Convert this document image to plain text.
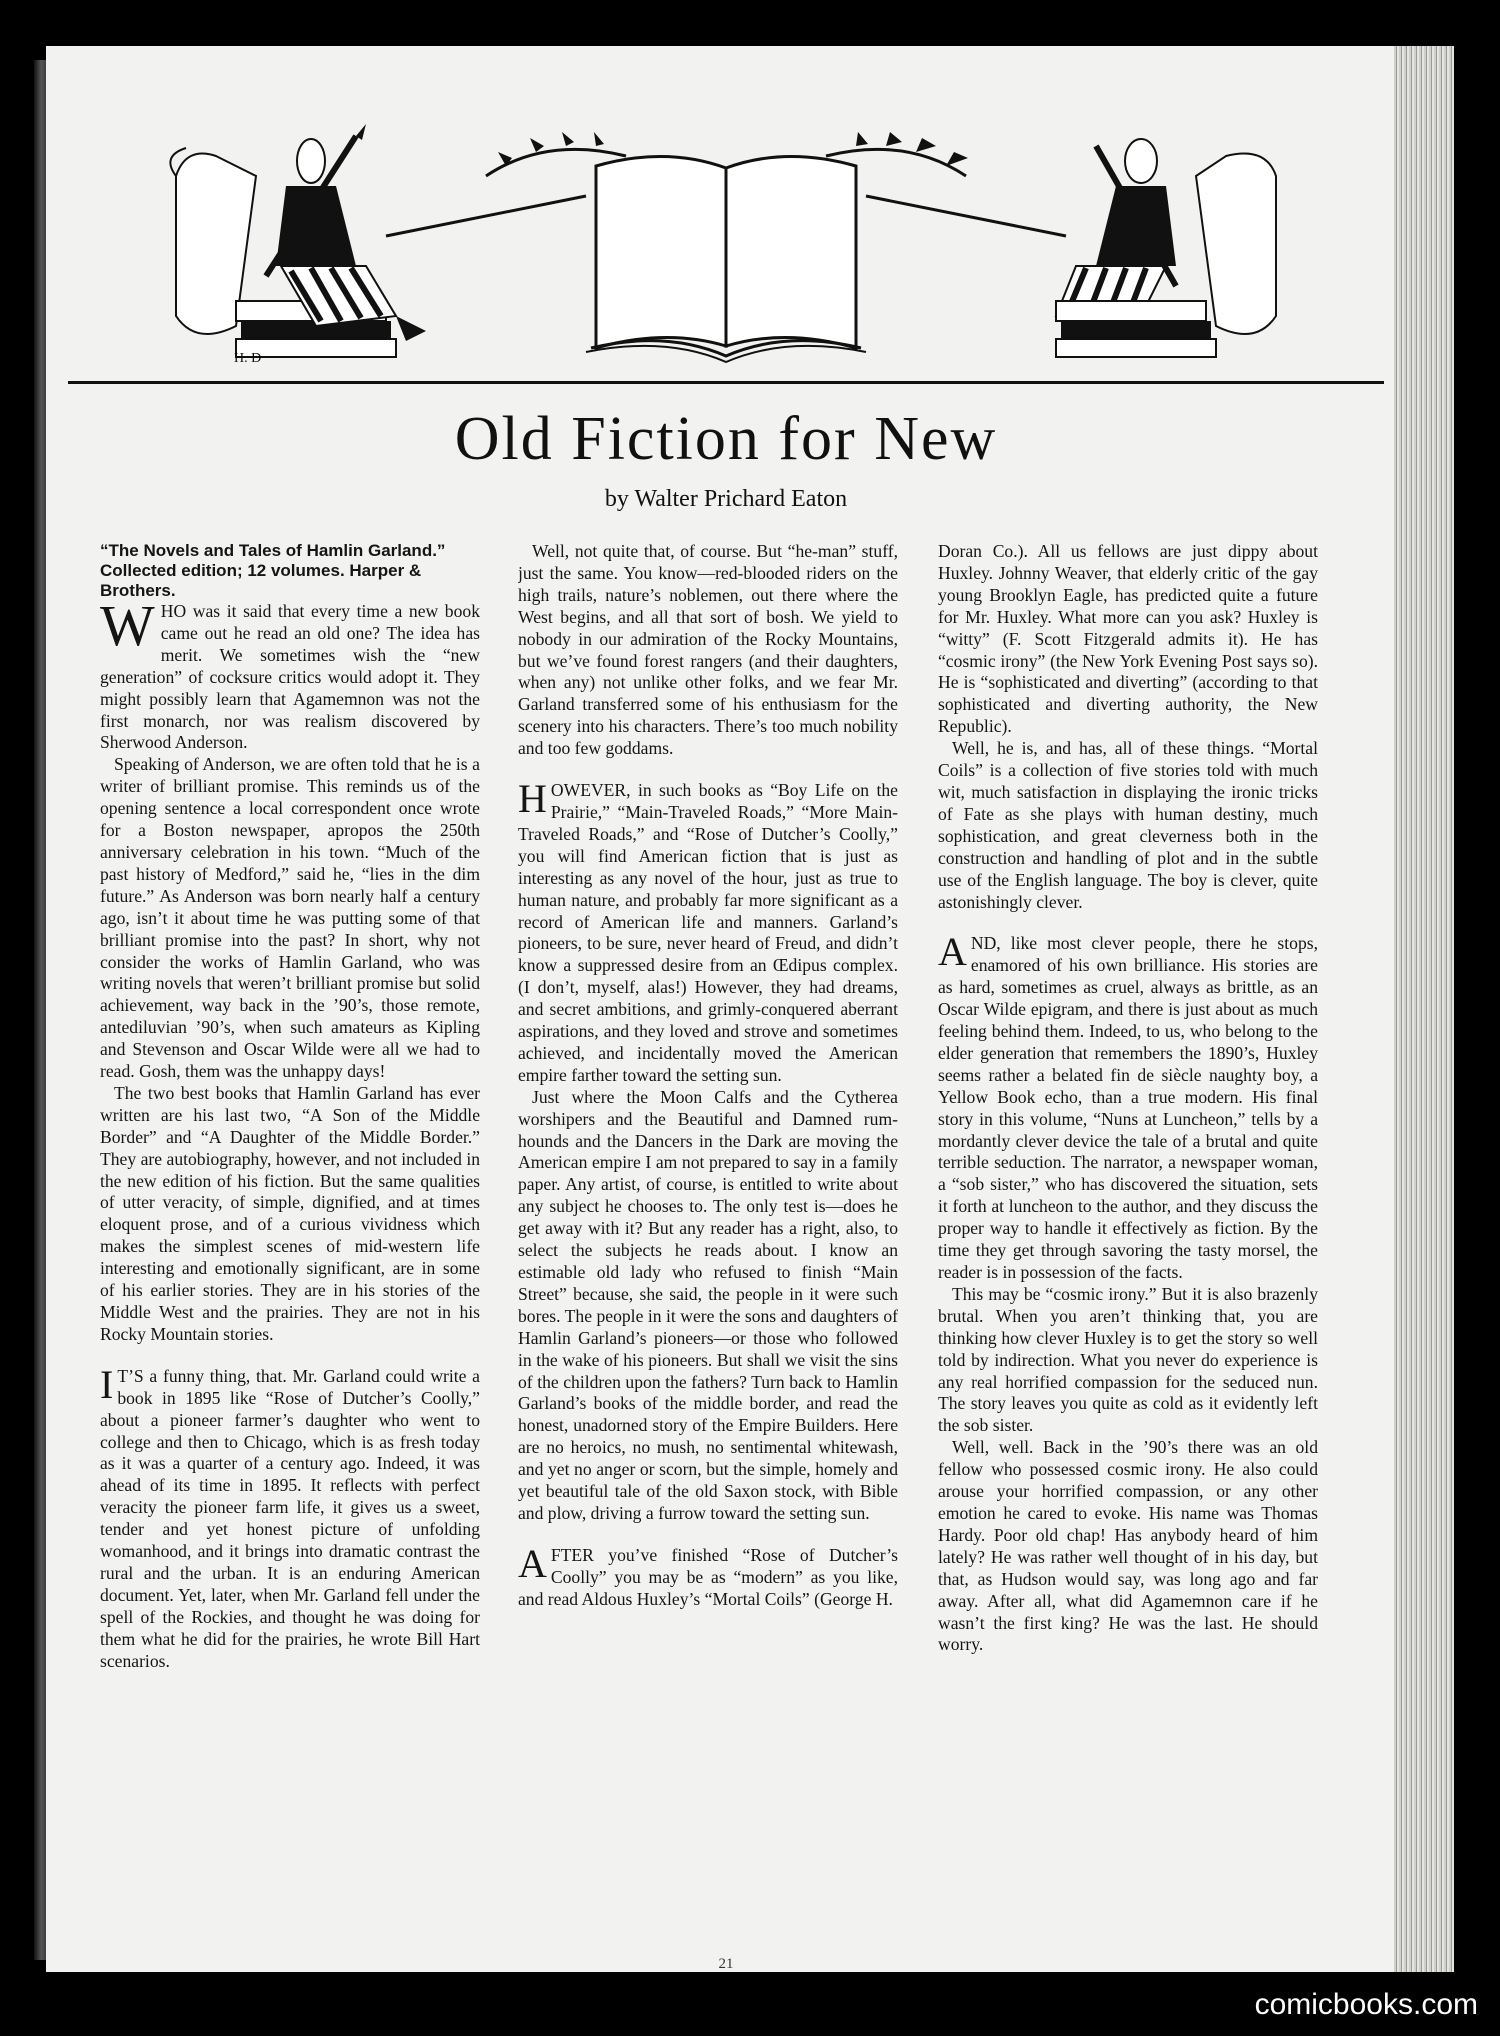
H. D
Old Fiction for New

by Walter Prichard Eaton

“The Novels and Tales of Hamlin Garland.” Collected edition; 12 volumes. Harper & Brothers.

WHO was it said that every time a new book came out he read an old one? The idea has merit. We sometimes wish the “new generation” of cocksure critics would adopt it. They might possibly learn that Agamemnon was not the first monarch, nor was realism discovered by Sherwood Anderson.

Speaking of Anderson, we are often told that he is a writer of brilliant promise. This reminds us of the opening sentence a local correspondent once wrote for a Boston newspaper, apropos the 250th anniversary celebration in his town. “Much of the past history of Medford,” said he, “lies in the dim future.” As Anderson was born nearly half a century ago, isn’t it about time he was putting some of that brilliant promise into the past? In short, why not consider the works of Hamlin Garland, who was writing novels that weren’t brilliant promise but solid achievement, way back in the ’90’s, those remote, antediluvian ’90’s, when such amateurs as Kipling and Stevenson and Oscar Wilde were all we had to read. Gosh, them was the unhappy days!

The two best books that Hamlin Garland has ever written are his last two, “A Son of the Middle Border” and “A Daughter of the Middle Border.” They are autobiography, however, and not included in the new edition of his fiction. But the same qualities of utter veracity, of simple, dignified, and at times eloquent prose, and of a curious vividness which makes the simplest scenes of mid-western life interesting and emotionally significant, are in some of his earlier stories. They are in his stories of the Middle West and the prairies. They are not in his Rocky Mountain stories.

I T’S a funny thing, that. Mr. Garland could write a book in 1895 like “Rose of Dutcher’s Coolly,” about a pioneer farmer’s daughter who went to college and then to Chicago, which is as fresh today as it was a quarter of a century ago. Indeed, it was ahead of its time in 1895. It reflects with perfect veracity the pioneer farm life, it gives us a sweet, tender and yet honest picture of unfolding womanhood, and it brings into dramatic contrast the rural and the urban. It is an enduring American document. Yet, later, when Mr. Garland fell under the spell of the Rockies, and thought he was doing for them what he did for the prairies, he wrote Bill Hart scenarios.

Well, not quite that, of course. But “he-man” stuff, just the same. You know—red-blooded riders on the high trails, nature’s noblemen, out there where the West begins, and all that sort of bosh. We yield to nobody in our admiration of the Rocky Mountains, but we’ve found forest rangers (and their daughters, when any) not unlike other folks, and we fear Mr. Garland transferred some of his enthusiasm for the scenery into his characters. There’s too much nobility and too few goddams.

HOWEVER, in such books as “Boy Life on the Prairie,” “Main-Traveled Roads,” “More Main-Traveled Roads,” and “Rose of Dutcher’s Coolly,” you will find American fiction that is just as interesting as any novel of the hour, just as true to human nature, and probably far more significant as a record of American life and manners. Garland’s pioneers, to be sure, never heard of Freud, and didn’t know a suppressed desire from an Œdipus complex. (I don’t, myself, alas!) However, they had dreams, and secret ambitions, and grimly-conquered aberrant aspirations, and they loved and strove and sometimes achieved, and incidentally moved the American empire farther toward the setting sun.

Just where the Moon Calfs and the Cytherea worshipers and the Beautiful and Damned rum-hounds and the Dancers in the Dark are moving the American empire I am not prepared to say in a family paper. Any artist, of course, is entitled to write about any subject he chooses to. The only test is—does he get away with it? But any reader has a right, also, to select the subjects he reads about. I know an estimable old lady who refused to finish “Main Street” because, she said, the people in it were such bores. The people in it were the sons and daughters of Hamlin Garland’s pioneers—or those who followed in the wake of his pioneers. But shall we visit the sins of the children upon the fathers? Turn back to Hamlin Garland’s books of the middle border, and read the honest, unadorned story of the Empire Builders. Here are no heroics, no mush, no sentimental whitewash, and yet no anger or scorn, but the simple, homely and yet beautiful tale of the old Saxon stock, with Bible and plow, driving a furrow toward the setting sun.

AFTER you’ve finished “Rose of Dutcher’s Coolly” you may be as “modern” as you like, and read Aldous Huxley’s “Mortal Coils” (George H.

Doran Co.). All us fellows are just dippy about Huxley. Johnny Weaver, that elderly critic of the gay young Brooklyn Eagle, has predicted quite a future for Mr. Huxley. What more can you ask? Huxley is “witty” (F. Scott Fitzgerald admits it). He has “cosmic irony” (the New York Evening Post says so). He is “sophisticated and diverting” (according to that sophisticated and diverting authority, the New Republic).

Well, he is, and has, all of these things. “Mortal Coils” is a collection of five stories told with much wit, much satisfaction in displaying the ironic tricks of Fate as she plays with human destiny, much sophistication, and great cleverness both in the construction and handling of plot and in the subtle use of the English language. The boy is clever, quite astonishingly clever.

AND, like most clever people, there he stops, enamored of his own brilliance. His stories are as hard, sometimes as cruel, always as brittle, as an Oscar Wilde epigram, and there is just about as much feeling behind them. Indeed, to us, who belong to the elder generation that remembers the 1890’s, Huxley seems rather a belated fin de siècle naughty boy, a Yellow Book echo, than a true modern. His final story in this volume, “Nuns at Luncheon,” tells by a mordantly clever device the tale of a brutal and quite terrible seduction. The narrator, a newspaper woman, a “sob sister,” who has discovered the situation, sets it forth at luncheon to the author, and they discuss the proper way to handle it effectively as fiction. By the time they get through savoring the tasty morsel, the reader is in possession of the facts.

This may be “cosmic irony.” But it is also brazenly brutal. When you aren’t thinking that, you are thinking how clever Huxley is to get the story so well told by indirection. What you never do experience is any real horrified compassion for the seduced nun. The story leaves you quite as cold as it evidently left the sob sister.

Well, well. Back in the ’90’s there was an old fellow who possessed cosmic irony. He also could arouse your horrified compassion, or any other emotion he cared to evoke. His name was Thomas Hardy. Poor old chap! Has anybody heard of him lately? He was rather well thought of in his day, but that, as Hudson would say, was long ago and far away. After all, what did Agamemnon care if he wasn’t the first king? He was the last. He should worry.

21
comicbooks.com
